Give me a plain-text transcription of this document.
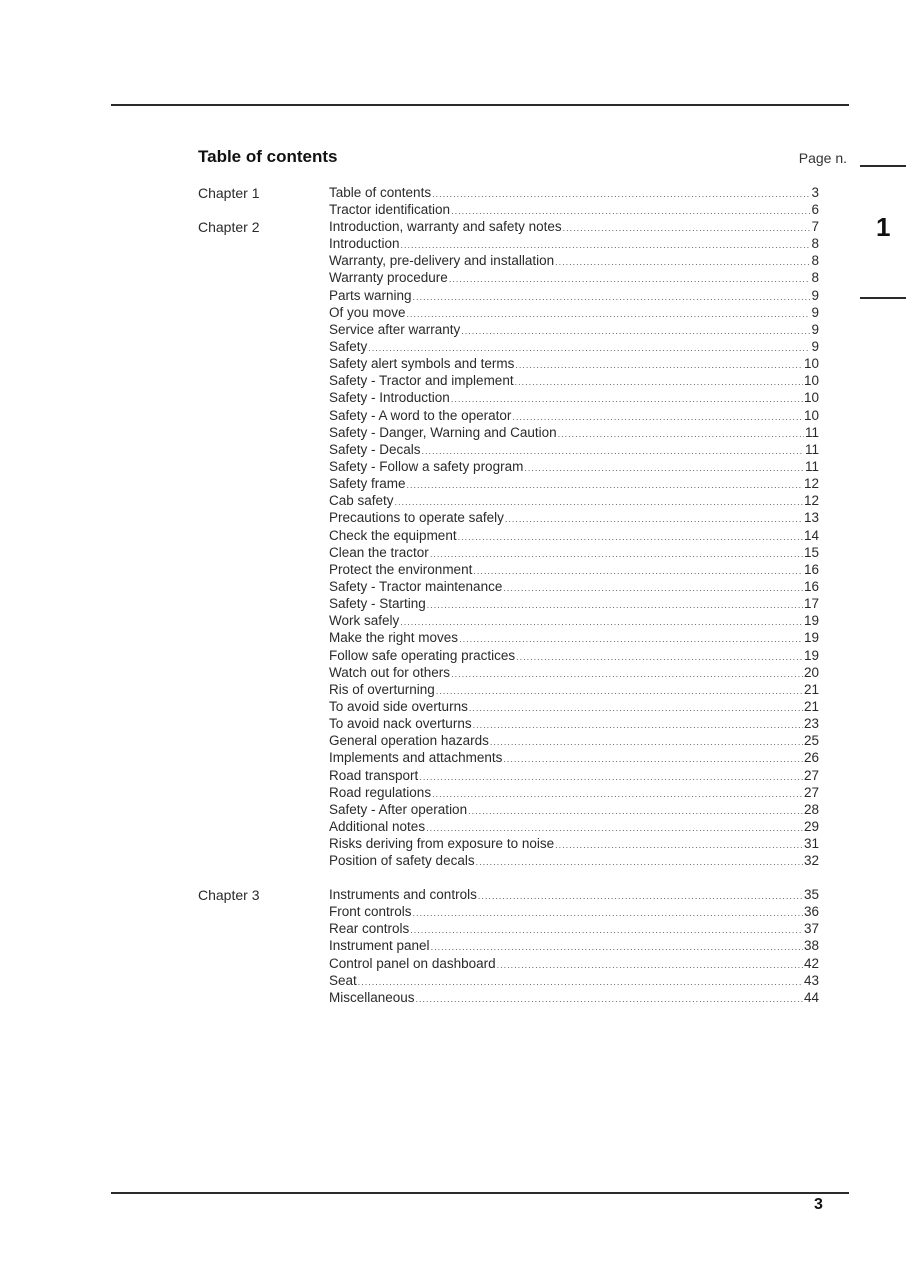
Table of contents	Page n.
1
Chapter 1	Table of contents .....	3
Tractor identification .....	6
Chapter 2	Introduction, warranty and safety notes .....	7
Introduction .....	8
Warranty, pre-delivery and installation .....	8
Warranty procedure .....	8
Parts warning .....	9
Of you move .....	9
Service after warranty .....	9
Safety .....	9
Safety alert symbols and terms .....	10
Safety - Tractor and implement .....	10
Safety - Introduction .....	10
Safety - A word to the operator .....	10
Safety - Danger, Warning and Caution .....	11
Safety - Decals .....	11
Safety - Follow a safety program .....	11
Safety frame .....	12
Cab safety .....	12
Precautions to operate safely .....	13
Check the equipment .....	14
Clean the tractor .....	15
Protect the environment .....	16
Safety - Tractor maintenance .....	16
Safety - Starting .....	17
Work safely .....	19
Make the right moves .....	19
Follow safe operating practices .....	19
Watch out for others .....	20
Ris of overturning .....	21
To avoid side overturns .....	21
To avoid nack overturns .....	23
General operation hazards .....	25
Implements and attachments .....	26
Road transport .....	27
Road regulations .....	27
Safety - After operation .....	28
Additional notes .....	29
Risks deriving from exposure to noise .....	31
Position of safety decals .....	32
Chapter 3	Instruments and controls .....	35
Front controls .....	36
Rear controls .....	37
Instrument panel .....	38
Control panel on dashboard .....	42
Seat .....	43
Miscellaneous .....	44
3
